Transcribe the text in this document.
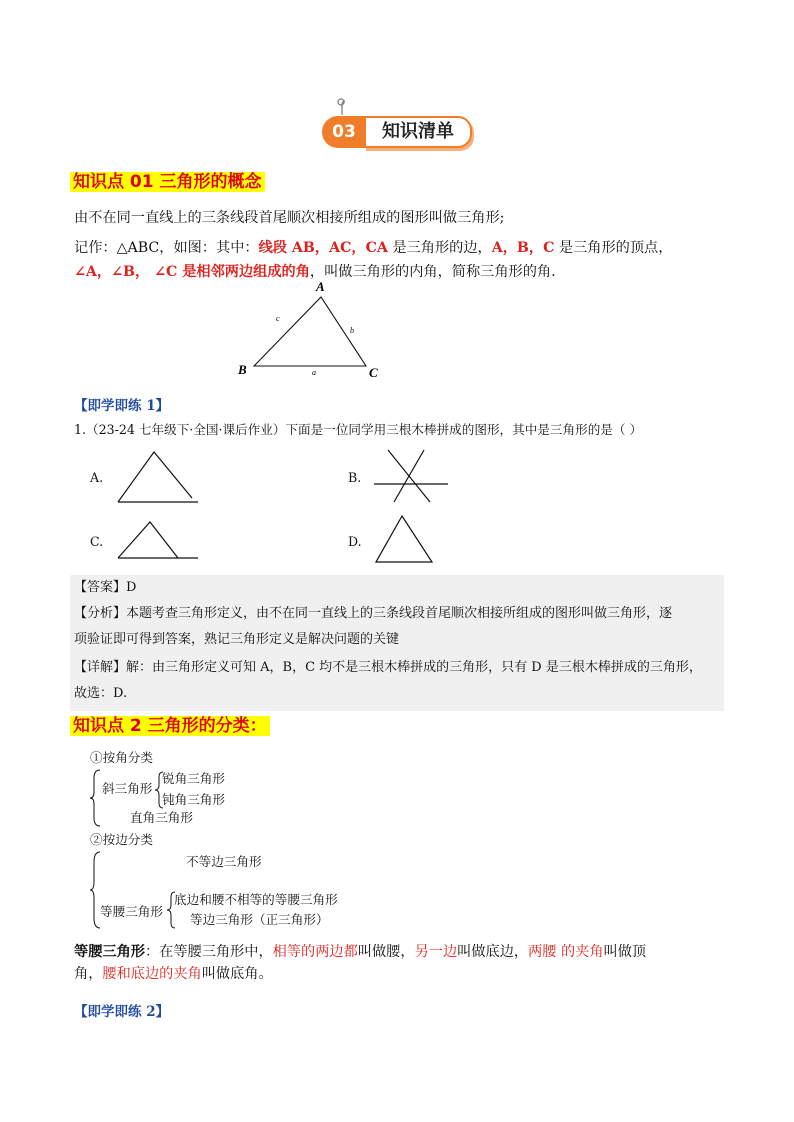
03	知识清单
知识点 01 三角形的概念
由不在同一直线上的三条线段首尾顺次相接所组成的图形叫做三角形;
记作：△ABC，如图：其中：线段 AB，AC，CA 是三角形的边，A，B，C 是三角形的顶点，
∠A，∠B， ∠C 是相邻两边组成的角，叫做三角形的内角，简称三角形的角.
A
B	C
a
b
c
【即学即练 1】
1.（23-24 七年级下·全国·课后作业）下面是一位同学用三根木棒拼成的图形，其中是三角形的是（ ）
A.	B.
C.	D.
【答案】D
【分析】本题考查三角形定义，由不在同一直线上的三条线段首尾顺次相接所组成的图形叫做三角形，逐
项验证即可得到答案，熟记三角形定义是解决问题的关键
【详解】解：由三角形定义可知 A，B，C 均不是三根木棒拼成的三角形，只有 D 是三根木棒拼成的三角形，
故选：D.
知识点 2 三角形的分类：
①按角分类
斜三角形
锐角三角形
钝角三角形
直角三角形
②按边分类
不等边三角形
等腰三角形
底边和腰不相等的等腰三角形
等边三角形（正三角形）
等腰三角形：在等腰三角形中，相等的两边都叫做腰，另一边叫做底边，两腰 的夹角叫做顶
角，腰和底边的夹角叫做底角。
【即学即练 2】
